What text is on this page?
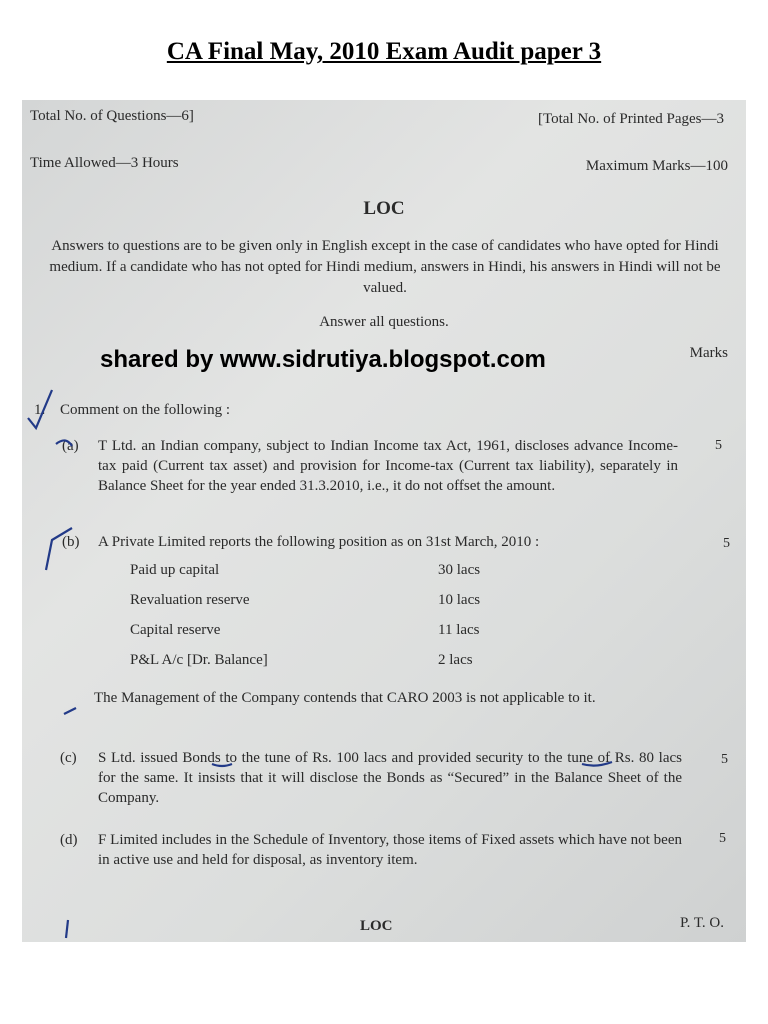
CA Final May, 2010 Exam Audit paper 3
Total No. of Questions—6]	[Total No. of Printed Pages—3
Time Allowed—3 Hours	Maximum Marks—100
LOC
Answers to questions are to be given only in English except in the case of candidates who have opted for Hindi medium. If a candidate who has not opted for Hindi medium, answers in Hindi, his answers in Hindi will not be valued.
Answer all questions.
shared by www.sidrutiya.blogspot.com	Marks
1. Comment on the following :
(a) T Ltd. an Indian company, subject to Indian Income tax Act, 1961, discloses advance Income-tax paid (Current tax asset) and provision for Income-tax (Current tax liability), separately in Balance Sheet for the year ended 31.3.2010, i.e., it do not offset the amount.
5
(b) A Private Limited reports the following position as on 31st March, 2010 :	5
Paid up capital	30 lacs
Revaluation reserve	10 lacs
Capital reserve	11 lacs
P&L A/c [Dr. Balance]	2 lacs
The Management of the Company contends that CARO 2003 is not applicable to it.
(c) S Ltd. issued Bonds to the tune of Rs. 100 lacs and provided security to the tune of Rs. 80 lacs for the same. It insists that it will disclose the Bonds as “Secured” in the Balance Sheet of the Company.
5
(d) F Limited includes in the Schedule of Inventory, those items of Fixed assets which have not been in active use and held for disposal, as inventory item.
5
LOC	P. T. O.
